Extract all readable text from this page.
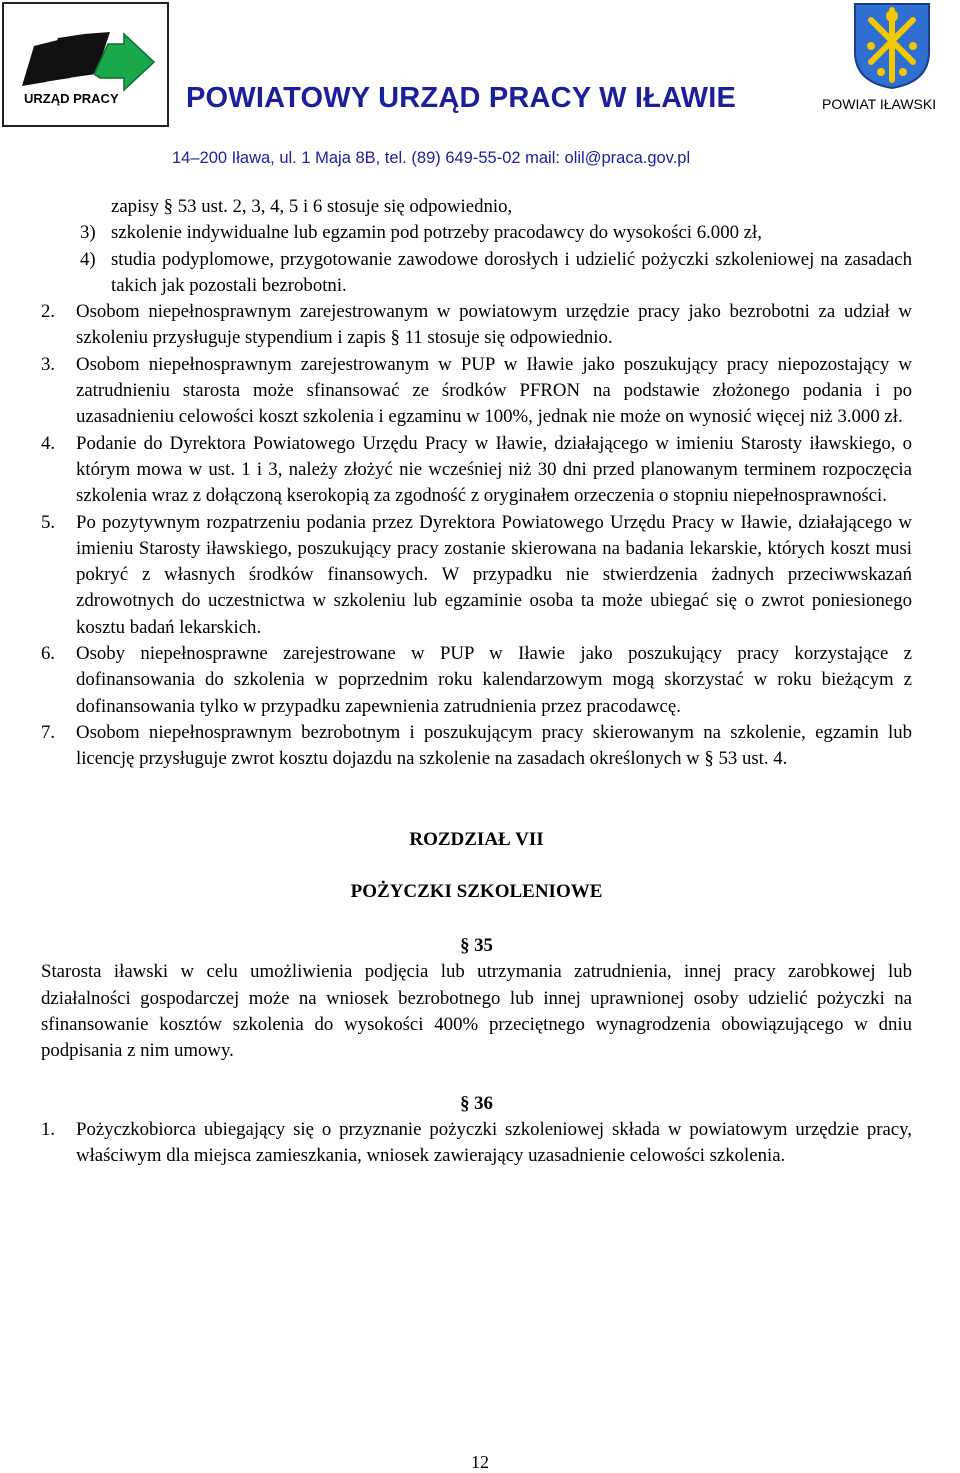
URZĄD PRACY POWIATOWY URZĄD PRACY W IŁAWIE	POWIAT IŁAWSKI
14–200 Iława, ul. 1 Maja 8B, tel. (89) 649-55-02 mail: olil@praca.gov.pl

zapisy § 53 ust. 2, 3, 4, 5 i 6 stosuje się odpowiednio,

3) szkolenie indywidualne lub egzamin pod potrzeby pracodawcy do wysokości 6.000 zł,

4) studia podyplomowe, przygotowanie zawodowe dorosłych i udzielić pożyczki szkoleniowej na zasadach takich jak pozostali bezrobotni.

2. Osobom niepełnosprawnym zarejestrowanym w powiatowym urzędzie pracy jako bezrobotni za udział w szkoleniu przysługuje stypendium i zapis § 11 stosuje się odpowiednio.

3. Osobom niepełnosprawnym zarejestrowanym w PUP w Iławie jako poszukujący pracy niepozostający w zatrudnieniu starosta może sfinansować ze środków PFRON na podstawie złożonego podania i po uzasadnieniu celowości koszt szkolenia i egzaminu w 100%, jednak nie może on wynosić więcej niż 3.000 zł.

4. Podanie do Dyrektora Powiatowego Urzędu Pracy w Iławie, działającego w imieniu Starosty iławskiego, o którym mowa w ust. 1 i 3, należy złożyć nie wcześniej niż 30 dni przed planowanym terminem rozpoczęcia szkolenia wraz z dołączoną kserokopią za zgodność z oryginałem orzeczenia o stopniu niepełnosprawności.

5. Po pozytywnym rozpatrzeniu podania przez Dyrektora Powiatowego Urzędu Pracy w Iławie, działającego w imieniu Starosty iławskiego, poszukujący pracy zostanie skierowana na badania lekarskie, których koszt musi pokryć z własnych środków finansowych. W przypadku nie stwierdzenia żadnych przeciwwskazań zdrowotnych do uczestnictwa w szkoleniu lub egzaminie osoba ta może ubiegać się o zwrot poniesionego kosztu badań lekarskich.

6. Osoby niepełnosprawne zarejestrowane w PUP w Iławie jako poszukujący pracy korzystające z dofinansowania do szkolenia w poprzednim roku kalendarzowym mogą skorzystać w roku bieżącym z dofinansowania tylko w przypadku zapewnienia zatrudnienia przez pracodawcę.

7. Osobom niepełnosprawnym bezrobotnym i poszukującym pracy skierowanym na szkolenie, egzamin lub licencję przysługuje zwrot kosztu dojazdu na szkolenie na zasadach określonych w § 53 ust. 4.

ROZDZIAŁ VII
POŻYCZKI SZKOLENIOWE
§ 35

Starosta iławski w celu umożliwienia podjęcia lub utrzymania zatrudnienia, innej pracy zarobkowej lub działalności gospodarczej może na wniosek bezrobotnego lub innej uprawnionej osoby udzielić pożyczki na sfinansowanie kosztów szkolenia do wysokości 400% przeciętnego wynagrodzenia obowiązującego w dniu podpisania z nim umowy.

§ 36

1. Pożyczkobiorca ubiegający się o przyznanie pożyczki szkoleniowej składa w powiatowym urzędzie pracy, właściwym dla miejsca zamieszkania, wniosek zawierający uzasadnienie celowości szkolenia.

12
